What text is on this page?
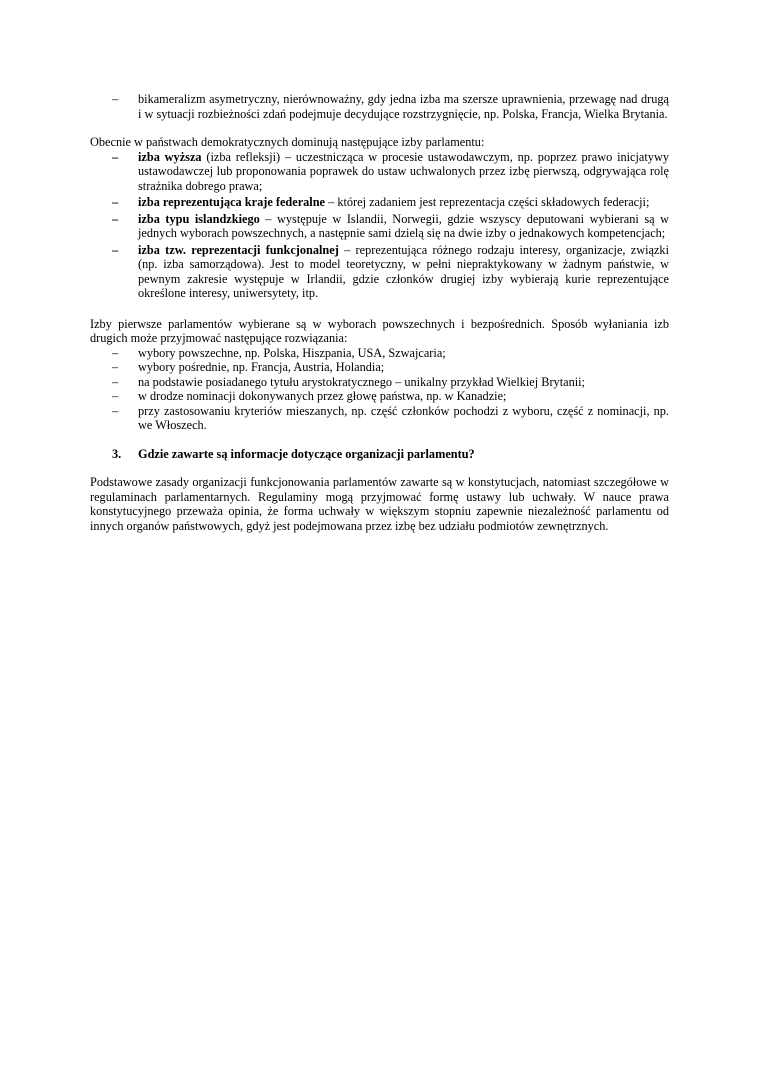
– bikameralizm asymetryczny, nierównoważny, gdy jedna izba ma szersze uprawnienia, przewagę nad drugą i w sytuacji rozbieżności zdań podejmuje decydujące rozstrzygnięcie, np. Polska, Francja, Wielka Brytania.

Obecnie w państwach demokratycznych dominują następujące izby parlamentu:

– izba wyższa (izba refleksji) – uczestnicząca w procesie ustawodawczym, np. poprzez prawo inicjatywy ustawodawczej lub proponowania poprawek do ustaw uchwalonych przez izbę pierwszą, odgrywająca rolę strażnika dobrego prawa;
– izba reprezentująca kraje federalne – której zadaniem jest reprezentacja części składowych federacji;
– izba typu islandzkiego – występuje w Islandii, Norwegii, gdzie wszyscy deputowani wybierani są w jednych wyborach powszechnych, a następnie sami dzielą się na dwie izby o jednakowych kompetencjach;
– izba tzw. reprezentacji funkcjonalnej – reprezentująca różnego rodzaju interesy, organizacje, związki (np. izba samorządowa). Jest to model teoretyczny, w pełni niepraktykowany w żadnym państwie, w pewnym zakresie występuje w Irlandii, gdzie członków drugiej izby wybierają kurie reprezentujące określone interesy, uniwersytety, itp.

Izby pierwsze parlamentów wybierane są w wyborach powszechnych i bezpośrednich. Sposób wyłaniania izb drugich może przyjmować następujące rozwiązania:

– wybory powszechne, np. Polska, Hiszpania, USA, Szwajcaria;
– wybory pośrednie, np. Francja, Austria, Holandia;
– na podstawie posiadanego tytułu arystokratycznego – unikalny przykład Wielkiej Brytanii;
– w drodze nominacji dokonywanych przez głowę państwa, np. w Kanadzie;
– przy zastosowaniu kryteriów mieszanych, np. część członków pochodzi z wyboru, część z nominacji, np. we Włoszech.

3. Gdzie zawarte są informacje dotyczące organizacji parlamentu?

Podstawowe zasady organizacji funkcjonowania parlamentów zawarte są w konstytucjach, natomiast szczegółowe w regulaminach parlamentarnych. Regulaminy mogą przyjmować formę ustawy lub uchwały. W nauce prawa konstytucyjnego przeważa opinia, że forma uchwały w większym stopniu zapewnie niezależność parlamentu od innych organów państwowych, gdyż jest podejmowana przez izbę bez udziału podmiotów zewnętrznych.
